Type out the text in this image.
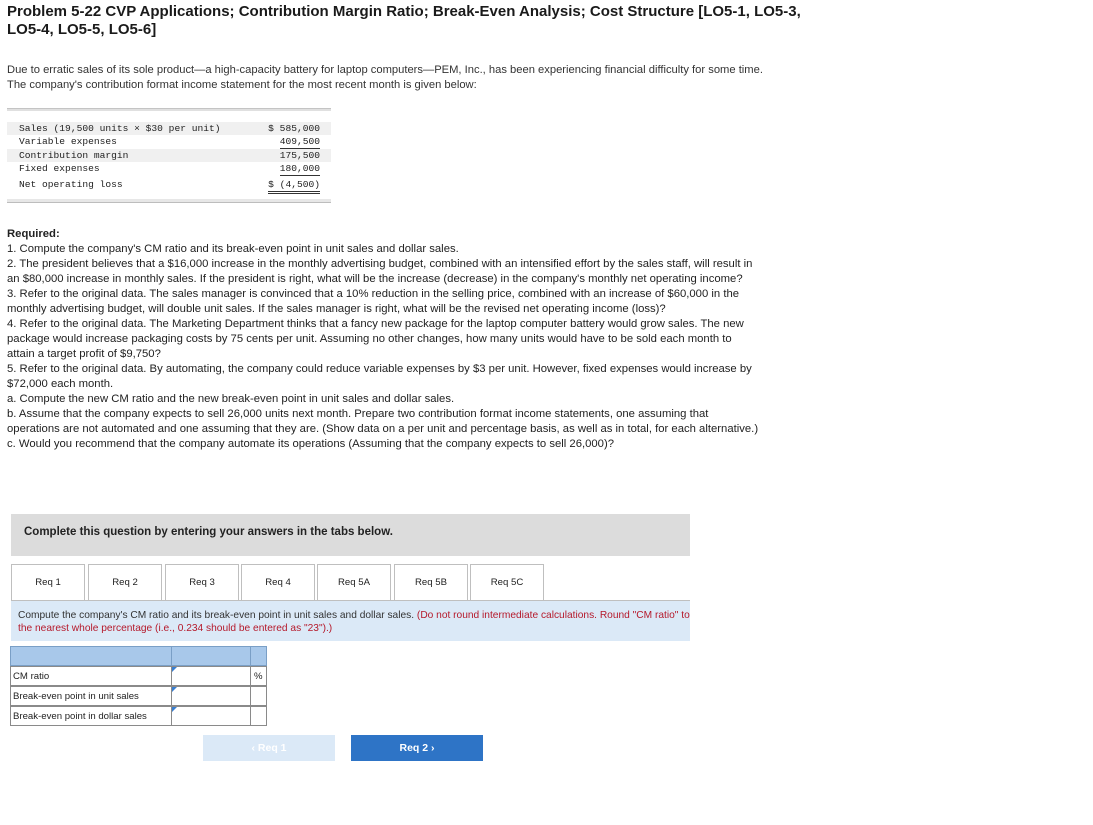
Problem 5-22 CVP Applications; Contribution Margin Ratio; Break-Even Analysis; Cost Structure [LO5-1, LO5-3, LO5-4, LO5-5, LO5-6]
Due to erratic sales of its sole product—a high-capacity battery for laptop computers—PEM, Inc., has been experiencing financial difficulty for some time. The company's contribution format income statement for the most recent month is given below:
Sales (19,500 units × $30 per unit)	$ 585,000
Variable expenses	409,500
Contribution margin	175,500
Fixed expenses	180,000
Net operating loss	$ (4,500)
Required:
1. Compute the company's CM ratio and its break-even point in unit sales and dollar sales.
2. The president believes that a $16,000 increase in the monthly advertising budget, combined with an intensified effort by the sales staff, will result in an $80,000 increase in monthly sales. If the president is right, what will be the increase (decrease) in the company's monthly net operating income?
3. Refer to the original data. The sales manager is convinced that a 10% reduction in the selling price, combined with an increase of $60,000 in the monthly advertising budget, will double unit sales. If the sales manager is right, what will be the revised net operating income (loss)?
4. Refer to the original data. The Marketing Department thinks that a fancy new package for the laptop computer battery would grow sales. The new package would increase packaging costs by 75 cents per unit. Assuming no other changes, how many units would have to be sold each month to attain a target profit of $9,750?
5. Refer to the original data. By automating, the company could reduce variable expenses by $3 per unit. However, fixed expenses would increase by $72,000 each month.
a. Compute the new CM ratio and the new break-even point in unit sales and dollar sales.
b. Assume that the company expects to sell 26,000 units next month. Prepare two contribution format income statements, one assuming that operations are not automated and one assuming that they are. (Show data on a per unit and percentage basis, as well as in total, for each alternative.)
c. Would you recommend that the company automate its operations (Assuming that the company expects to sell 26,000)?
Complete this question by entering your answers in the tabs below.
Req 1	Req 2	Req 3	Req 4	Req 5A	Req 5B	Req 5C
Compute the company's CM ratio and its break-even point in unit sales and dollar sales. (Do not round intermediate calculations. Round "CM ratio" to the nearest whole percentage (i.e., 0.234 should be entered as "23").)
CM ratio	%
Break-even point in unit sales
Break-even point in dollar sales
‹ Req 1	Req 2 ›
